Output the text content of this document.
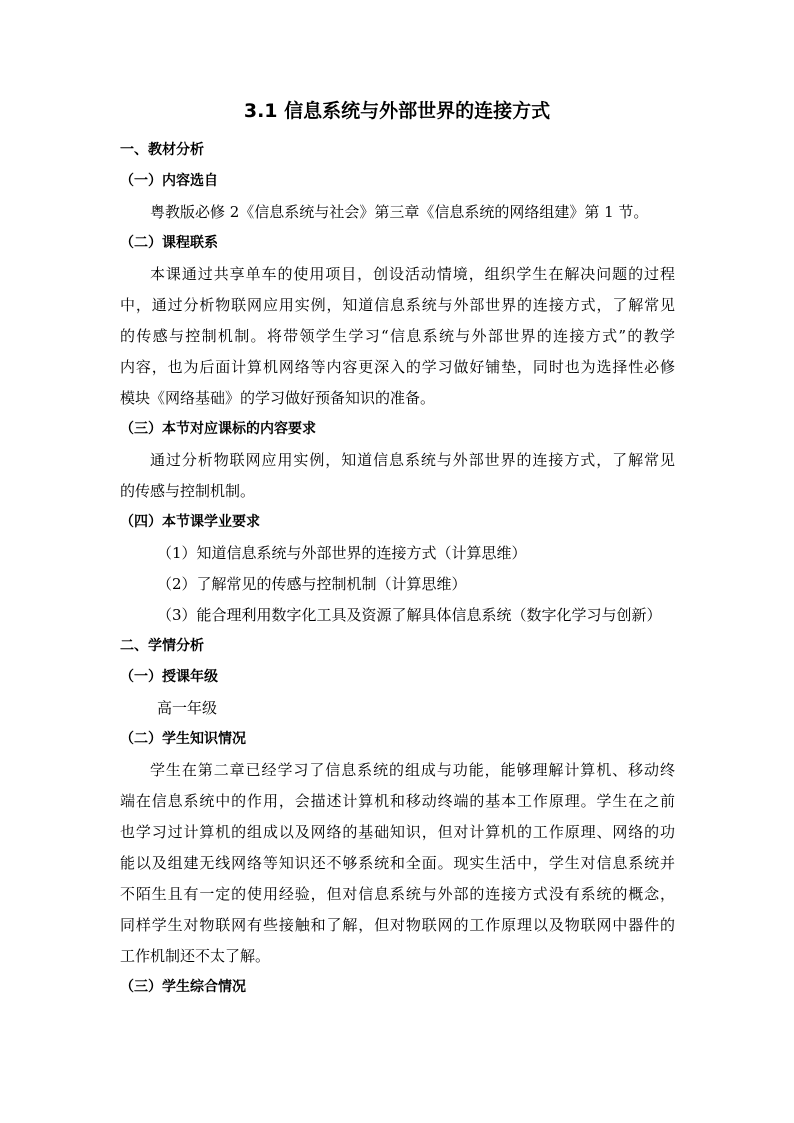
3.1 信息系统与外部世界的连接方式
一、教材分析
（一）内容选自
粤教版必修 2《信息系统与社会》第三章《信息系统的网络组建》第 1 节。
（二）课程联系
本课通过共享单车的使用项目，创设活动情境，组织学生在解决问题的过程
中，通过分析物联网应用实例，知道信息系统与外部世界的连接方式，了解常见
的传感与控制机制。将带领学生学习“信息系统与外部世界的连接方式”的教学
内容，也为后面计算机网络等内容更深入的学习做好铺垫，同时也为选择性必修
模块《网络基础》的学习做好预备知识的准备。
（三）本节对应课标的内容要求
通过分析物联网应用实例，知道信息系统与外部世界的连接方式，了解常见
的传感与控制机制。
（四）本节课学业要求
（1）知道信息系统与外部世界的连接方式（计算思维）
（2）了解常见的传感与控制机制（计算思维）
（3）能合理利用数字化工具及资源了解具体信息系统（数字化学习与创新）
二、学情分析
（一）授课年级
高一年级
（二）学生知识情况
学生在第二章已经学习了信息系统的组成与功能，能够理解计算机、移动终
端在信息系统中的作用，会描述计算机和移动终端的基本工作原理。学生在之前
也学习过计算机的组成以及网络的基础知识，但对计算机的工作原理、网络的功
能以及组建无线网络等知识还不够系统和全面。现实生活中，学生对信息系统并
不陌生且有一定的使用经验，但对信息系统与外部的连接方式没有系统的概念，
同样学生对物联网有些接触和了解，但对物联网的工作原理以及物联网中器件的
工作机制还不太了解。
（三）学生综合情况
